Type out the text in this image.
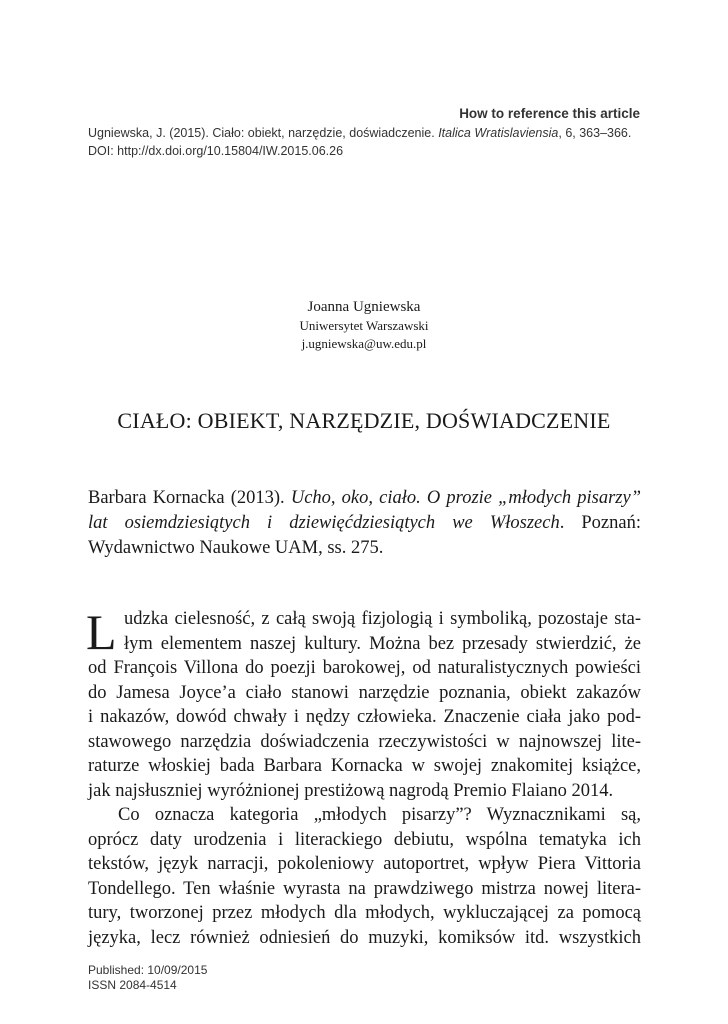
How to reference this article
Ugniewska, J. (2015). Ciało: obiekt, narzędzie, doświadczenie. Italica Wratislaviensia, 6, 363–366. DOI: http://dx.doi.org/10.15804/IW.2015.06.26
Joanna Ugniewska
Uniwersytet Warszawski
j.ugniewska@uw.edu.pl
CIAŁO: OBIEKT, NARZĘDZIE, DOŚWIADCZENIE
Barbara Kornacka (2013). Ucho, oko, ciało. O prozie „młodych pisarzy” lat osiemdziesiątych i dziewięćdziesiątych we Włoszech. Poznań: Wydawnictwo Naukowe UAM, ss. 275.
L udzka cielesność, z całą swoją fizjologią i symboliką, pozostaje sta-
łym elementem naszej kultury. Można bez przesady stwierdzić, że
od François Villona do poezji barokowej, od naturalistycznych powieści
do Jamesa Joyce’a ciało stanowi narzędzie poznania, obiekt zakazów
i nakazów, dowód chwały i nędzy człowieka. Znaczenie ciała jako pod-
stawowego narzędzia doświadczenia rzeczywistości w najnowszej lite-
raturze włoskiej bada Barbara Kornacka w swojej znakomitej książce,
jak najsłuszniej wyróżnionej prestiżową nagrodą Premio Flaiano 2014.
Co oznacza kategoria „młodych pisarzy”? Wyznacznikami są,
oprócz daty urodzenia i literackiego debiutu, wspólna tematyka ich
tekstów, język narracji, pokoleniowy autoportret, wpływ Piera Vittoria
Tondellego. Ten właśnie wyrasta na prawdziwego mistrza nowej litera-
tury, tworzonej przez młodych dla młodych, wykluczającej za pomocą
języka, lecz również odniesień do muzyki, komiksów itd. wszystkich
Published: 10/09/2015
ISSN 2084-4514
